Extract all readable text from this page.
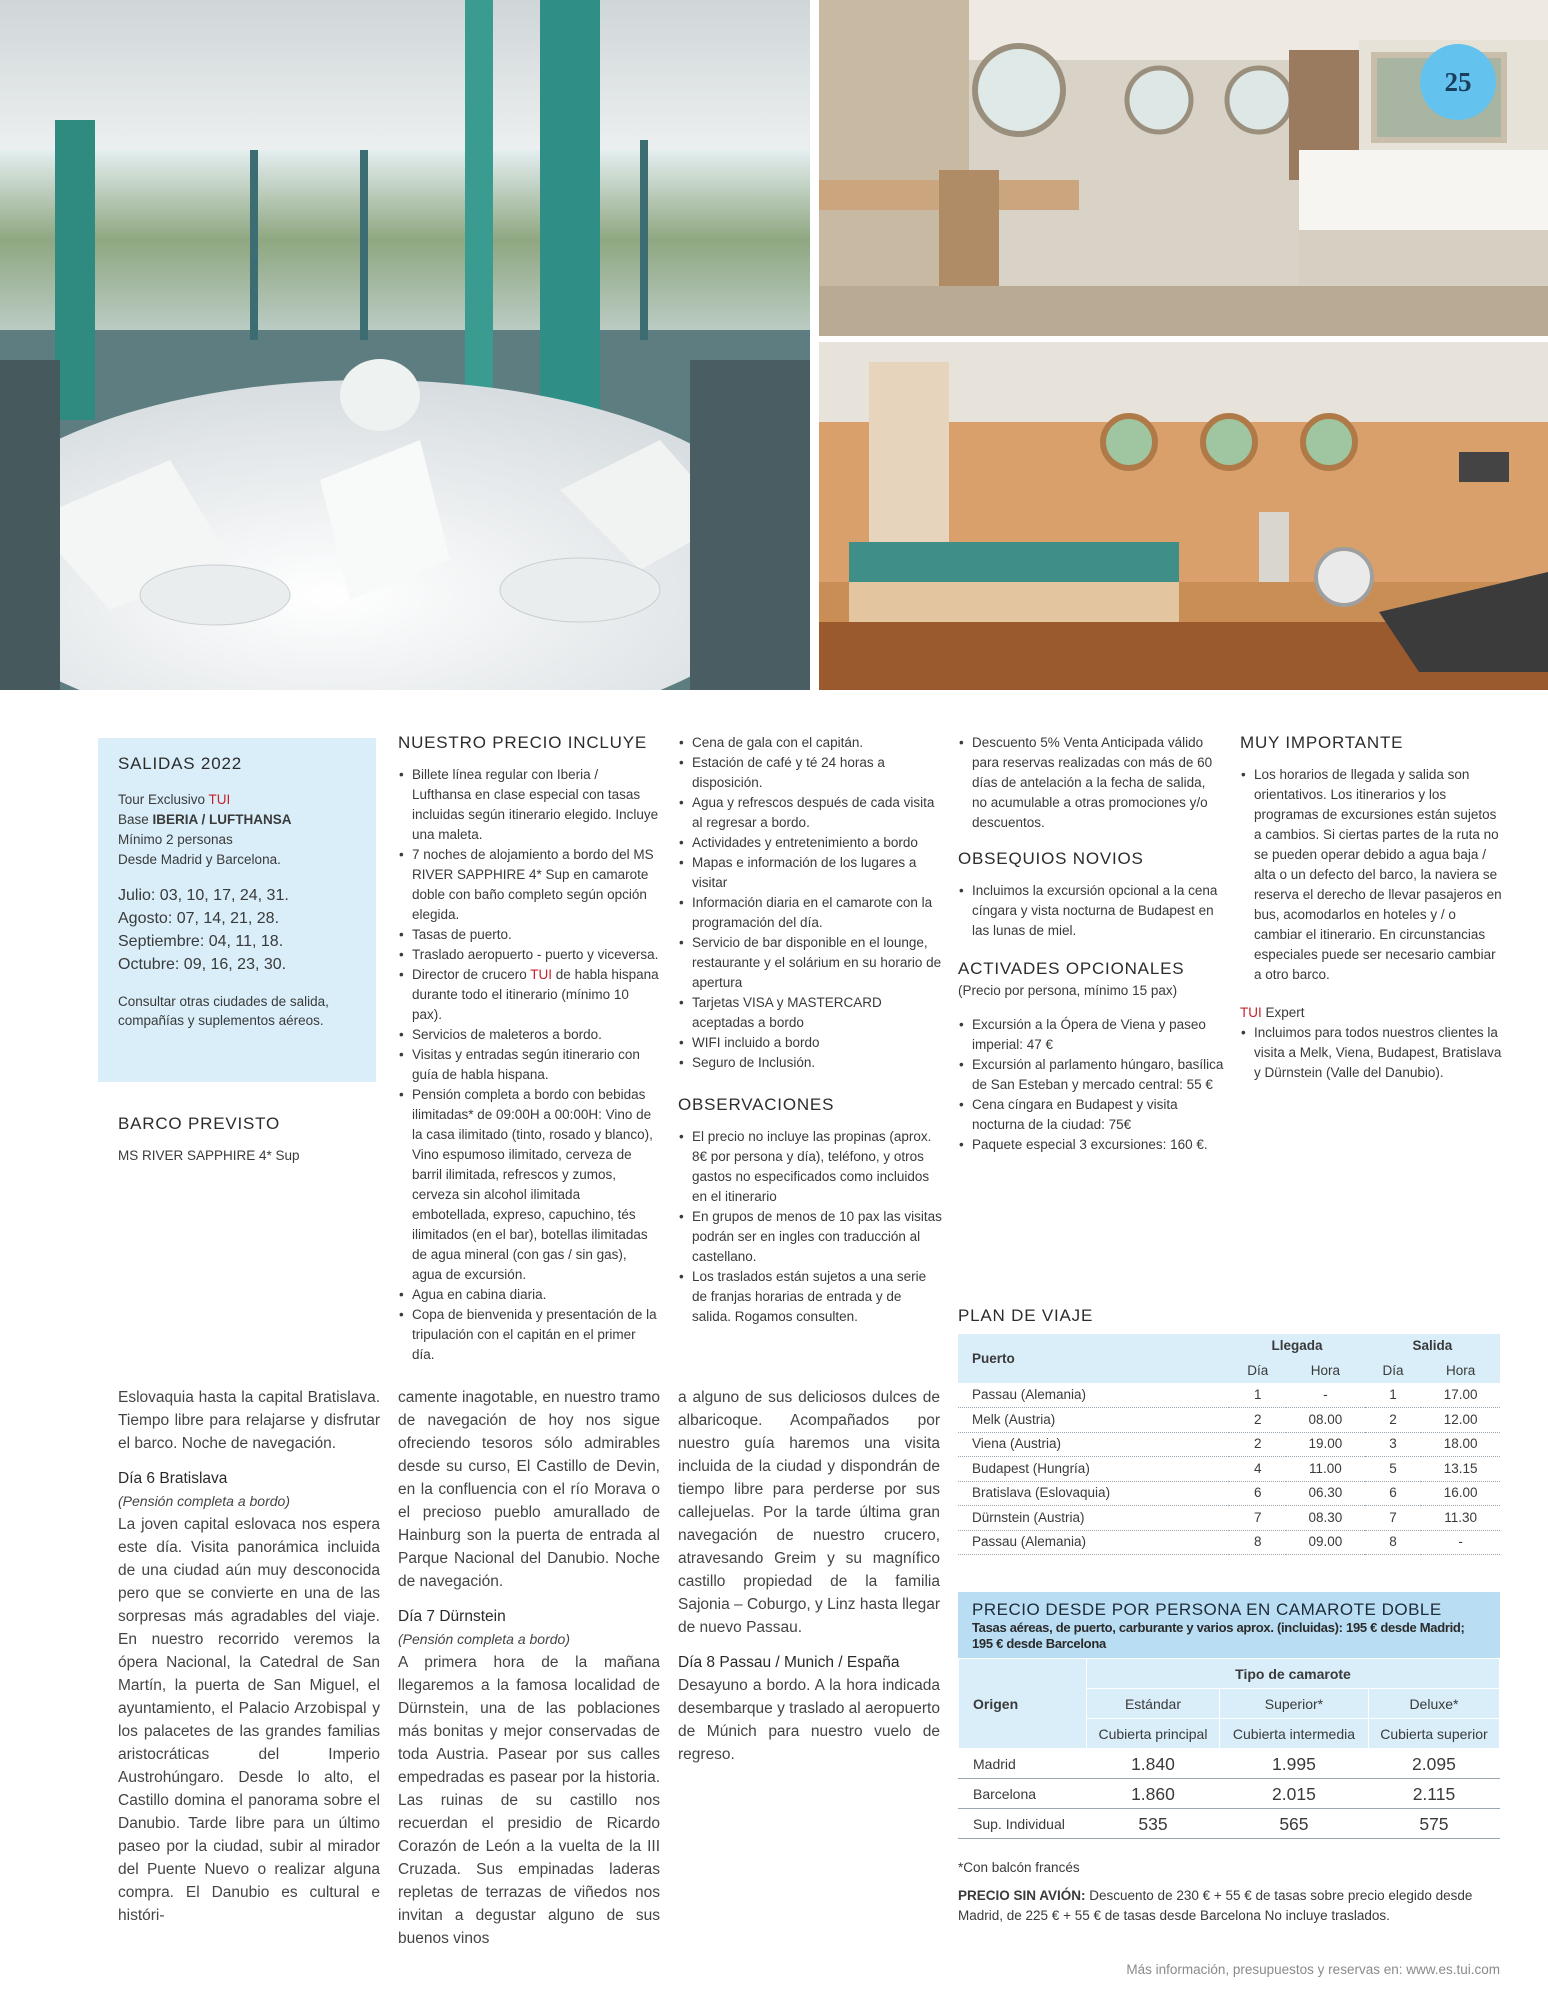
25
SALIDAS 2022
Tour Exclusivo TUI
Base IBERIA / LUFTHANSA
Mínimo 2 personas
Desde Madrid y Barcelona.
Julio: 03, 10, 17, 24, 31.
Agosto: 07, 14, 21, 28.
Septiembre: 04, 11, 18.
Octubre: 09, 16, 23, 30.
Consultar otras ciudades de salida, compañías y suplementos aéreos.
BARCO PREVISTO
MS RIVER SAPPHIRE 4* Sup
NUESTRO PRECIO INCLUYE
• Billete línea regular con Iberia / Lufthansa en clase especial con tasas incluidas según itinerario elegido. Incluye una maleta.
• 7 noches de alojamiento a bordo del MS RIVER SAPPHIRE 4* Sup en camarote doble con baño completo según opción elegida.
• Tasas de puerto.
• Traslado aeropuerto - puerto y viceversa.
• Director de crucero TUI de habla hispana durante todo el itinerario (mínimo 10 pax).
• Servicios de maleteros a bordo.
• Visitas y entradas según itinerario con guía de habla hispana.
• Pensión completa a bordo con bebidas ilimitadas* de 09:00H a 00:00H: Vino de la casa ilimitado (tinto, rosado y blanco), Vino espumoso ilimitado, cerveza de barril ilimitada, refrescos y zumos, cerveza sin alcohol ilimitada embotellada, expreso, capuchino, tés ilimitados (en el bar), botellas ilimitadas de agua mineral (con gas / sin gas), agua de excursión.
• Agua en cabina diaria.
• Copa de bienvenida y presentación de la tripulación con el capitán en el primer día.
• Cena de gala con el capitán.
• Estación de café y té 24 horas a disposición.
• Agua y refrescos después de cada visita al regresar a bordo.
• Actividades y entretenimiento a bordo
• Mapas e información de los lugares a visitar
• Información diaria en el camarote con la programación del día.
• Servicio de bar disponible en el lounge, restaurante y el solárium en su horario de apertura
• Tarjetas VISA y MASTERCARD aceptadas a bordo
• WIFI incluido a bordo
• Seguro de Inclusión.
OBSERVACIONES
• El precio no incluye las propinas (aprox. 8€ por persona y día), teléfono, y otros gastos no especificados como incluidos en el itinerario
• En grupos de menos de 10 pax las visitas podrán ser en ingles con traducción al castellano.
• Los traslados están sujetos a una serie de franjas horarias de entrada y de salida. Rogamos consulten.
• Descuento 5% Venta Anticipada válido para reservas realizadas con más de 60 días de antelación a la fecha de salida, no acumulable a otras promociones y/o descuentos.
OBSEQUIOS NOVIOS
• Incluimos la excursión opcional a la cena cíngara y vista nocturna de Budapest en las lunas de miel.
ACTIVADES OPCIONALES
(Precio por persona, mínimo 15 pax)
• Excursión a la Ópera de Viena y paseo imperial: 47 €
• Excursión al parlamento húngaro, basílica de San Esteban y mercado central: 55 €
• Cena cíngara en Budapest y visita nocturna de la ciudad: 75€
• Paquete especial 3 excursiones: 160 €.
MUY IMPORTANTE
• Los horarios de llegada y salida son orientativos. Los itinerarios y los programas de excursiones están sujetos a cambios. Si ciertas partes de la ruta no se pueden operar debido a agua baja / alta o un defecto del barco, la naviera se reserva el derecho de llevar pasajeros en bus, acomodarlos en hoteles y / o cambiar el itinerario. En circunstancias especiales puede ser necesario cambiar a otro barco.
TUI Expert
• Incluimos para todos nuestros clientes la visita a Melk, Viena, Budapest, Bratislava y Dürnstein (Valle del Danubio).

Eslovaquia hasta la capital Bratislava. Tiempo libre para relajarse y disfrutar el barco. Noche de navegación.

Día 6 Bratislava
(Pensión completa a bordo)

La joven capital eslovaca nos espera este día. Visita panorámica incluida de una ciudad aún muy desconocida pero que se convierte en una de las sorpresas más agradables del viaje. En nuestro recorrido veremos la ópera Nacional, la Catedral de San Martín, la puerta de San Miguel, el ayuntamiento, el Palacio Arzobispal y los palacetes de las grandes familias aristocráticas del Imperio Austrohúngaro. Desde lo alto, el Castillo domina el panorama sobre el Danubio. Tarde libre para un último paseo por la ciudad, subir al mirador del Puente Nuevo o realizar alguna compra. El Danubio es cultural e históri-

camente inagotable, en nuestro tramo de navegación de hoy nos sigue ofreciendo tesoros sólo admirables desde su curso, El Castillo de Devin, en la confluencia con el río Morava o el precioso pueblo amurallado de Hainburg son la puerta de entrada al Parque Nacional del Danubio. Noche de navegación.

Día 7 Dürnstein
(Pensión completa a bordo)

A primera hora de la mañana llegaremos a la famosa localidad de Dürnstein, una de las poblaciones más bonitas y mejor conservadas de toda Austria. Pasear por sus calles empedradas es pasear por la historia. Las ruinas de su castillo nos recuerdan el presidio de Ricardo Corazón de León a la vuelta de la III Cruzada. Sus empinadas laderas repletas de terrazas de viñedos nos invitan a degustar alguno de sus buenos vinos

a alguno de sus deliciosos dulces de albaricoque. Acompañados por nuestro guía haremos una visita incluida de la ciudad y dispondrán de tiempo libre para perderse por sus callejuelas. Por la tarde última gran navegación de nuestro crucero, atravesando Greim y su magnífico castillo propiedad de la familia Sajonia – Coburgo, y Linz hasta llegar de nuevo Passau.

Día 8 Passau / Munich / España

Desayuno a bordo. A la hora indicada desembarque y traslado al aeropuerto de Múnich para nuestro vuelo de regreso.

PLAN DE VIAJE
Puerto	Llegada		Salida	
	Día	Hora	Día	Hora
Passau (Alemania)	1	-	1	17.00
Melk (Austria)	2	08.00	2	12.00
Viena (Austria)	2	19.00	3	18.00
Budapest (Hungría)	4	11.00	5	13.15
Bratislava (Eslovaquia)	6	06.30	6	16.00
Dürnstein (Austria)	7	08.30	7	11.30
Passau (Alemania)	8	09.00	8	-
PRECIO DESDE POR PERSONA EN CAMAROTE DOBLE
Tasas aéreas, de puerto, carburante y varios aprox. (incluidas): 195 € desde Madrid; 195 € desde Barcelona
Origen	Tipo de camarote		
	Estándar	Superior*	Deluxe*
	Cubierta principal	Cubierta intermedia	Cubierta superior
Madrid	1.840	1.995	2.095
Barcelona	1.860	2.015	2.115
Sup. Individual	535	565	575
*Con balcón francés
PRECIO SIN AVIÓN: Descuento de 230 € + 55 € de tasas sobre precio elegido desde Madrid, de 225 € + 55 € de tasas desde Barcelona No incluye traslados.
Más información, presupuestos y reservas en: www.es.tui.com
